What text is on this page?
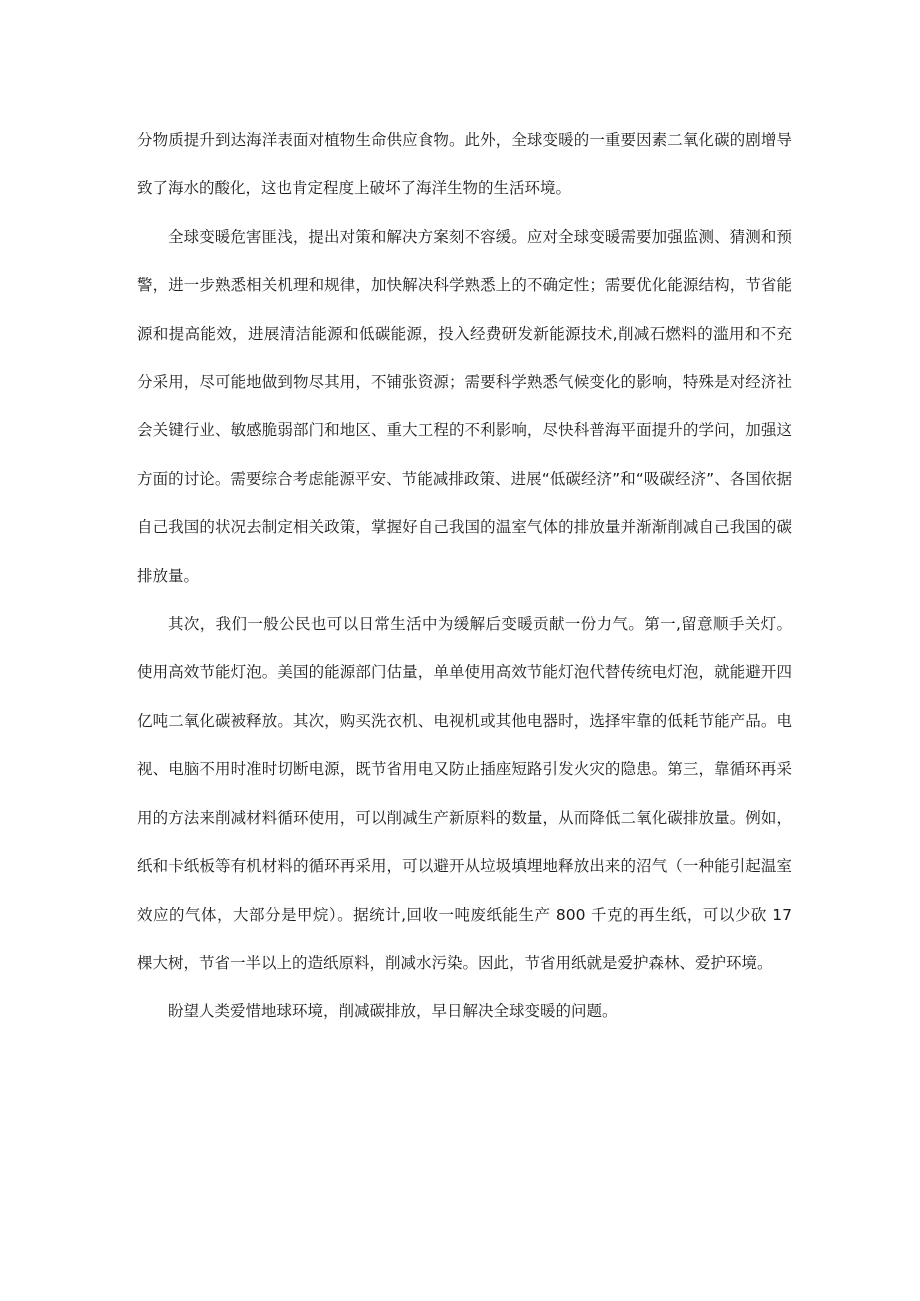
分物质提升到达海洋表面对植物生命供应食物。此外，全球变暖的一重要因素二氧化碳的剧增导致了海水的酸化，这也肯定程度上破坏了海洋生物的生活环境。

全球变暖危害匪浅，提出对策和解决方案刻不容缓。应对全球变暖需要加强监测、猜测和预警，进一步熟悉相关机理和规律，加快解决科学熟悉上的不确定性；需要优化能源结构，节省能源和提高能效，进展清洁能源和低碳能源，投入经费研发新能源技术,削减石燃料的滥用和不充分采用，尽可能地做到物尽其用，不铺张资源；需要科学熟悉气候变化的影响，特殊是对经济社会关键行业、敏感脆弱部门和地区、重大工程的不利影响，尽快科普海平面提升的学问，加强这方面的讨论。需要综合考虑能源平安、节能减排政策、进展“低碳经济”和“吸碳经济”、各国依据自己我国的状况去制定相关政策，掌握好自己我国的温室气体的排放量并渐渐削减自己我国的碳排放量。

其次，我们一般公民也可以日常生活中为缓解后变暖贡献一份力气。第一,留意顺手关灯。使用高效节能灯泡。美国的能源部门估量，单单使用高效节能灯泡代替传统电灯泡，就能避开四亿吨二氧化碳被释放。其次，购买洗衣机、电视机或其他电器时，选择牢靠的低耗节能产品。电视、电脑不用时准时切断电源，既节省用电又防止插座短路引发火灾的隐患。第三，靠循环再采用的方法来削减材料循环使用，可以削减生产新原料的数量，从而降低二氧化碳排放量。例如，纸和卡纸板等有机材料的循环再采用，可以避开从垃圾填埋地释放出来的沼气（一种能引起温室效应的气体，大部分是甲烷）。据统计,回收一吨废纸能生产 800 千克的再生纸，可以少砍 17 棵大树，节省一半以上的造纸原料，削减水污染。因此，节省用纸就是爱护森林、爱护环境。

盼望人类爱惜地球环境，削减碳排放，早日解决全球变暖的问题。
